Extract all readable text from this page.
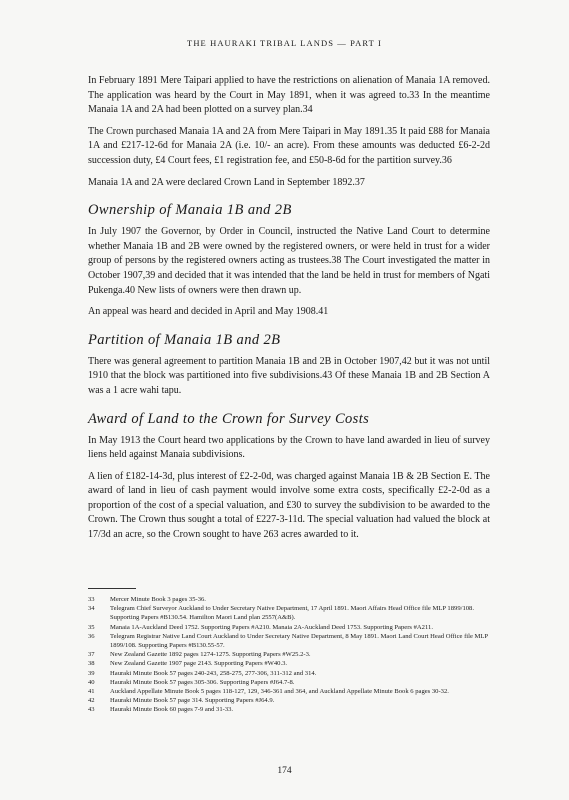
THE HAURAKI TRIBAL LANDS — PART I

In February 1891 Mere Taipari applied to have the restrictions on alienation of Manaia 1A removed. The application was heard by the Court in May 1891, when it was agreed to.33 In the meantime Manaia 1A and 2A had been plotted on a survey plan.34

The Crown purchased Manaia 1A and 2A from Mere Taipari in May 1891.35 It paid £88 for Manaia 1A and £217-12-6d for Manaia 2A (i.e. 10/- an acre). From these amounts was deducted £6-2-2d succession duty, £4 Court fees, £1 registration fee, and £50-8-6d for the partition survey.36

Manaia 1A and 2A were declared Crown Land in September 1892.37

Ownership of Manaia 1B and 2B

In July 1907 the Governor, by Order in Council, instructed the Native Land Court to determine whether Manaia 1B and 2B were owned by the registered owners, or were held in trust for a wider group of persons by the registered owners acting as trustees.38 The Court investigated the matter in October 1907,39 and decided that it was intended that the land be held in trust for members of Ngati Pukenga.40 New lists of owners were then drawn up.

An appeal was heard and decided in April and May 1908.41

Partition of Manaia 1B and 2B

There was general agreement to partition Manaia 1B and 2B in October 1907,42 but it was not until 1910 that the block was partitioned into five subdivisions.43 Of these Manaia 1B and 2B Section A was a 1 acre wahi tapu.

Award of Land to the Crown for Survey Costs

In May 1913 the Court heard two applications by the Crown to have land awarded in lieu of survey liens held against Manaia subdivisions.

A lien of £182-14-3d, plus interest of £2-2-0d, was charged against Manaia 1B & 2B Section E. The award of land in lieu of cash payment would involve some extra costs, specifically £2-2-0d as a proportion of the cost of a special valuation, and £30 to survey the subdivision to be awarded to the Crown. The Crown thus sought a total of £227-3-11d. The special valuation had valued the block at 17/3d an acre, so the Crown sought to have 263 acres awarded to it.

33	Mercer Minute Book 3 pages 35-36.
34	Telegram Chief Surveyor Auckland to Under Secretary Native Department, 17 April 1891. Maori Affairs Head Office file MLP 1899/108. Supporting Papers #B130.54. Hamilton Maori Land plan 2557(A&B).
35	Manaia 1A-Auckland Deed 1752. Supporting Papers #A210. Manaia 2A-Auckland Deed 1753. Supporting Papers #A211.
36	Telegram Registrar Native Land Court Auckland to Under Secretary Native Department, 8 May 1891. Maori Land Court Head Office file MLP 1899/108. Supporting Papers #B130.55-57.
37	New Zealand Gazette 1892 pages 1274-1275. Supporting Papers #W25.2-3.
38	New Zealand Gazette 1907 page 2143. Supporting Papers #W40.3.
39	Hauraki Minute Book 57 pages 240-243, 258-275, 277-306, 311-312 and 314.
40	Hauraki Minute Book 57 pages 305-306. Supporting Papers #J64.7-8.
41	Auckland Appellate Minute Book 5 pages 118-127, 129, 346-361 and 364, and Auckland Appellate Minute Book 6 pages 30-32.
42	Hauraki Minute Book 57 page 314. Supporting Papers #J64.9.
43	Hauraki Minute Book 60 pages 7-9 and 31-33.
174
